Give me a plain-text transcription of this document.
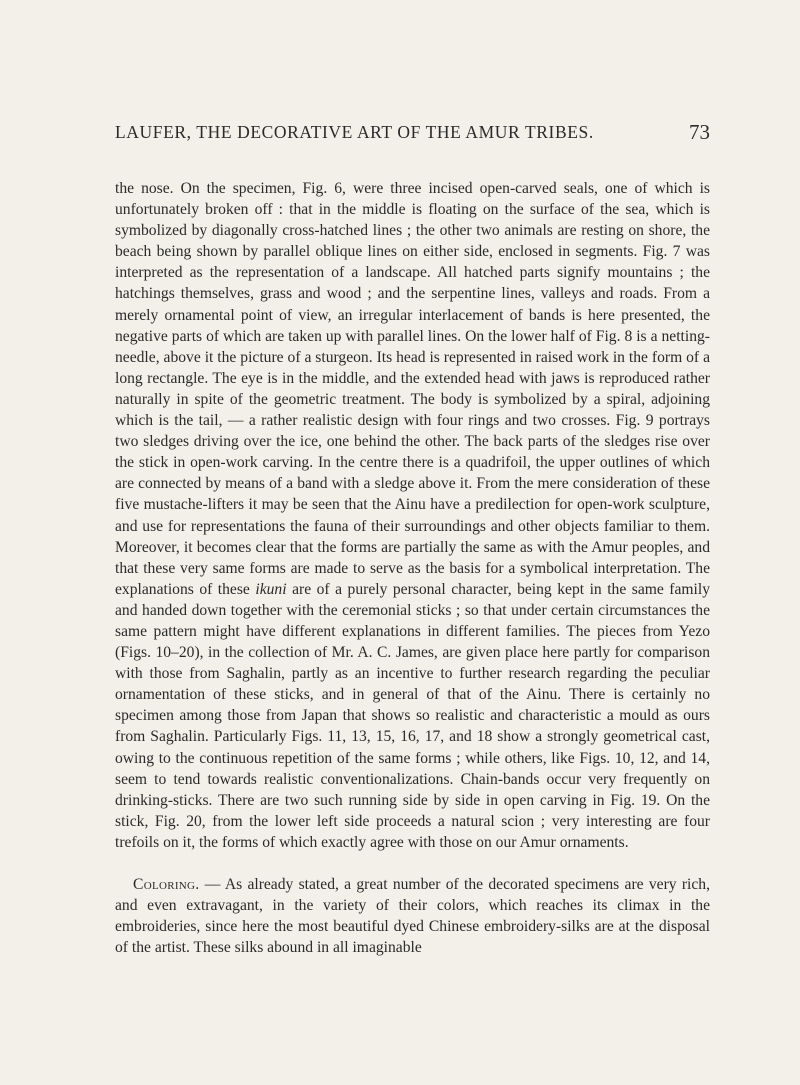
LAUFER, THE DECORATIVE ART OF THE AMUR TRIBES.	73

the nose. On the specimen, Fig. 6, were three incised open-carved seals, one of which is unfortunately broken off : that in the middle is floating on the surface of the sea, which is symbolized by diagonally cross-hatched lines ; the other two animals are resting on shore, the beach being shown by parallel oblique lines on either side, enclosed in segments. Fig. 7 was interpreted as the representation of a landscape. All hatched parts signify mountains ; the hatchings themselves, grass and wood ; and the serpentine lines, valleys and roads. From a merely ornamental point of view, an irregular interlacement of bands is here presented, the negative parts of which are taken up with parallel lines. On the lower half of Fig. 8 is a netting-needle, above it the picture of a sturgeon. Its head is represented in raised work in the form of a long rectangle. The eye is in the middle, and the extended head with jaws is reproduced rather naturally in spite of the geometric treatment. The body is symbolized by a spiral, adjoining which is the tail, — a rather realistic design with four rings and two crosses. Fig. 9 portrays two sledges driving over the ice, one behind the other. The back parts of the sledges rise over the stick in open-work carving. In the centre there is a quadrifoil, the upper outlines of which are connected by means of a band with a sledge above it. From the mere consideration of these five mustache-lifters it may be seen that the Ainu have a predilection for open-work sculpture, and use for representations the fauna of their surroundings and other objects familiar to them. Moreover, it becomes clear that the forms are partially the same as with the Amur peoples, and that these very same forms are made to serve as the basis for a symbolical interpretation. The explanations of these ikuni are of a purely personal character, being kept in the same family and handed down together with the ceremonial sticks ; so that under certain circumstances the same pattern might have different explanations in different families. The pieces from Yezo (Figs. 10–20), in the collection of Mr. A. C. James, are given place here partly for comparison with those from Saghalin, partly as an incentive to further research regarding the peculiar ornamentation of these sticks, and in general of that of the Ainu. There is certainly no specimen among those from Japan that shows so realistic and characteristic a mould as ours from Saghalin. Particularly Figs. 11, 13, 15, 16, 17, and 18 show a strongly geometrical cast, owing to the continuous repetition of the same forms ; while others, like Figs. 10, 12, and 14, seem to tend towards realistic conventionalizations. Chain-bands occur very frequently on drinking-sticks. There are two such running side by side in open carving in Fig. 19. On the stick, Fig. 20, from the lower left side proceeds a natural scion ; very interesting are four trefoils on it, the forms of which exactly agree with those on our Amur ornaments.

Coloring. — As already stated, a great number of the decorated specimens are very rich, and even extravagant, in the variety of their colors, which reaches its climax in the embroideries, since here the most beautiful dyed Chinese embroidery-silks are at the disposal of the artist. These silks abound in all imaginable
